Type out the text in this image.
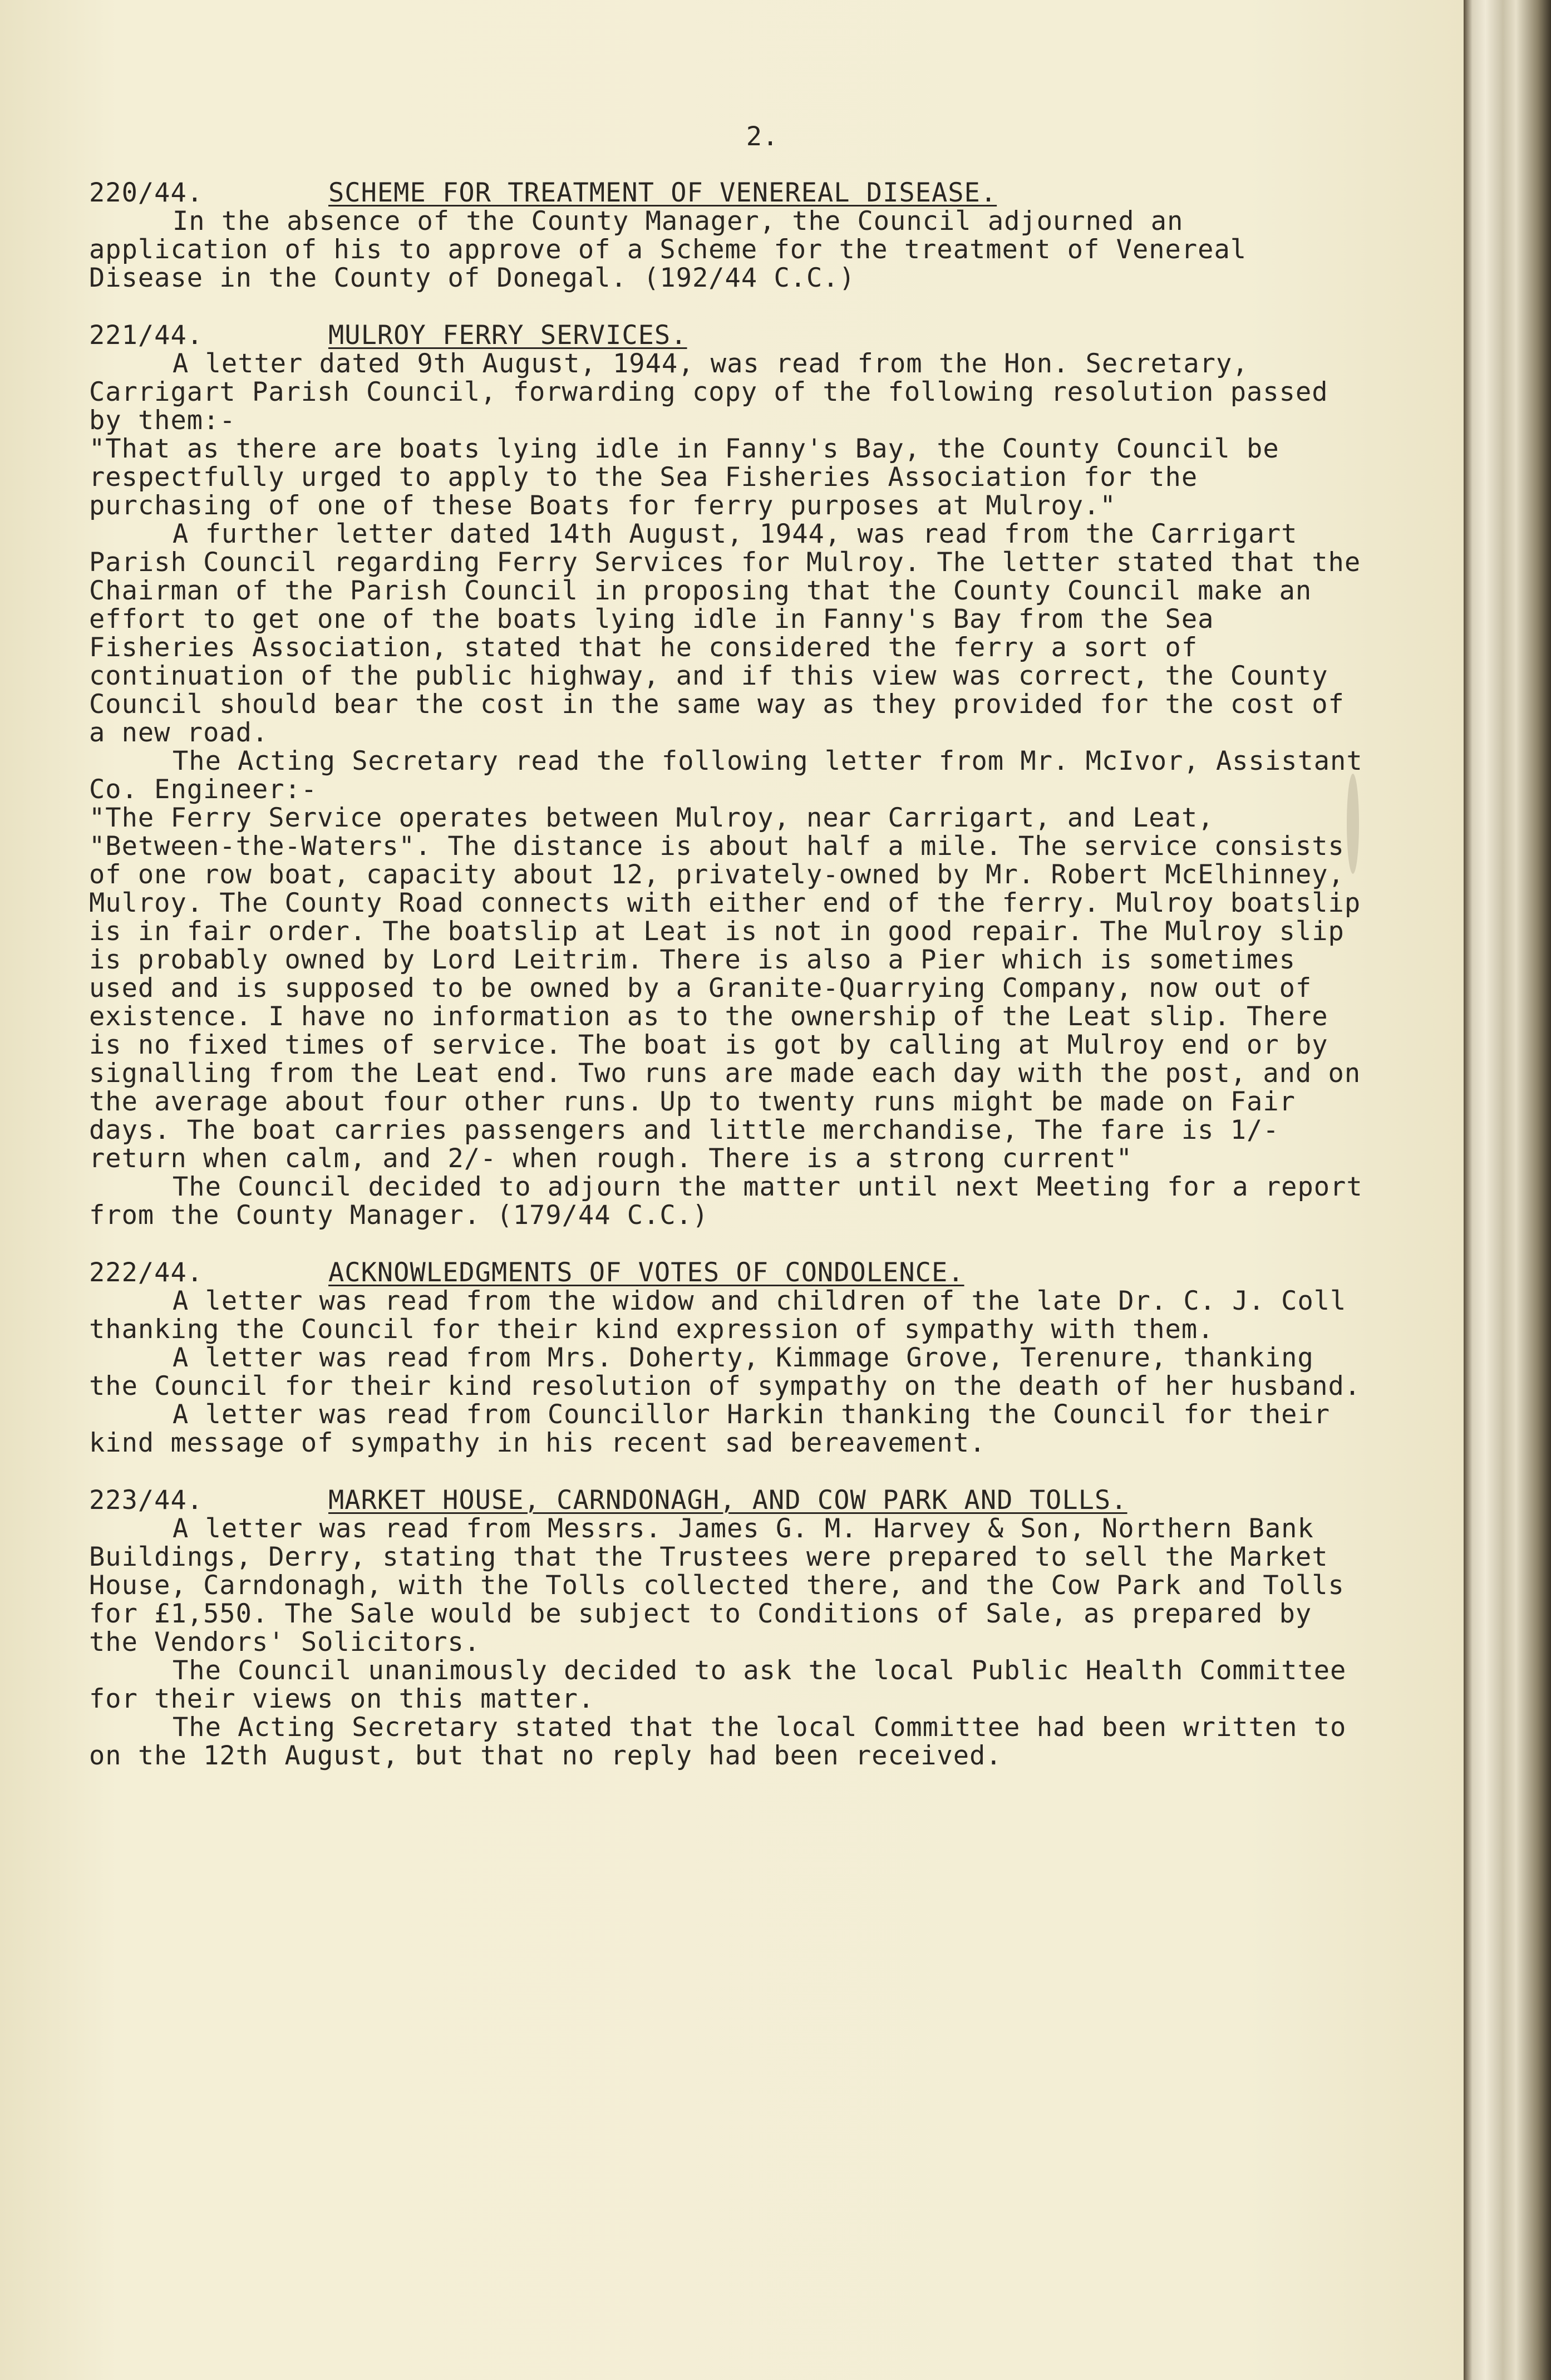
2.
220/44.	SCHEME FOR TREATMENT OF VENEREAL DISEASE.

In the absence of the County Manager, the Council adjourned an application of his to approve of a Scheme for the treatment of Venereal Disease in the County of Donegal. (192/44 C.C.)

221/44.	MULROY FERRY SERVICES.

A letter dated 9th August, 1944, was read from the Hon. Secretary, Carrigart Parish Council, forwarding copy of the following resolution passed by them:-

"That as there are boats lying idle in Fanny's Bay, the County Council be respectfully urged to apply to the Sea Fisheries Association for the purchasing of one of these Boats for ferry purposes at Mulroy."

A further letter dated 14th August, 1944, was read from the Carrigart Parish Council regarding Ferry Services for Mulroy. The letter stated that the Chairman of the Parish Council in proposing that the County Council make an effort to get one of the boats lying idle in Fanny's Bay from the Sea Fisheries Association, stated that he considered the ferry a sort of continuation of the public highway, and if this view was correct, the County Council should bear the cost in the same way as they provided for the cost of a new road.

The Acting Secretary read the following letter from Mr. McIvor, Assistant Co. Engineer:-

"The Ferry Service operates between Mulroy, near Carrigart, and Leat, "Between-the-Waters". The distance is about half a mile. The service consists of one row boat, capacity about 12, privately-owned by Mr. Robert McElhinney, Mulroy. The County Road connects with either end of the ferry. Mulroy boatslip is in fair order. The boatslip at Leat is not in good repair. The Mulroy slip is probably owned by Lord Leitrim. There is also a Pier which is sometimes used and is supposed to be owned by a Granite-Quarrying Company, now out of existence. I have no information as to the ownership of the Leat slip. There is no fixed times of service. The boat is got by calling at Mulroy end or by signalling from the Leat end. Two runs are made each day with the post, and on the average about four other runs. Up to twenty runs might be made on Fair days. The boat carries passengers and little merchandise, The fare is 1/- return when calm, and 2/- when rough. There is a strong current"

The Council decided to adjourn the matter until next Meeting for a report from the County Manager. (179/44 C.C.)

222/44.	ACKNOWLEDGMENTS OF VOTES OF CONDOLENCE.

A letter was read from the widow and children of the late Dr. C. J. Coll thanking the Council for their kind expression of sympathy with them.

A letter was read from Mrs. Doherty, Kimmage Grove, Terenure, thanking the Council for their kind resolution of sympathy on the death of her husband.

A letter was read from Councillor Harkin thanking the Council for their kind message of sympathy in his recent sad bereavement.

223/44.	MARKET HOUSE, CARNDONAGH, AND COW PARK AND TOLLS.

A letter was read from Messrs. James G. M. Harvey & Son, Northern Bank Buildings, Derry, stating that the Trustees were prepared to sell the Market House, Carndonagh, with the Tolls collected there, and the Cow Park and Tolls for £1,550. The Sale would be subject to Conditions of Sale, as prepared by the Vendors' Solicitors.

The Council unanimously decided to ask the local Public Health Committee for their views on this matter.

The Acting Secretary stated that the local Committee had been written to on the 12th August, but that no reply had been received.
